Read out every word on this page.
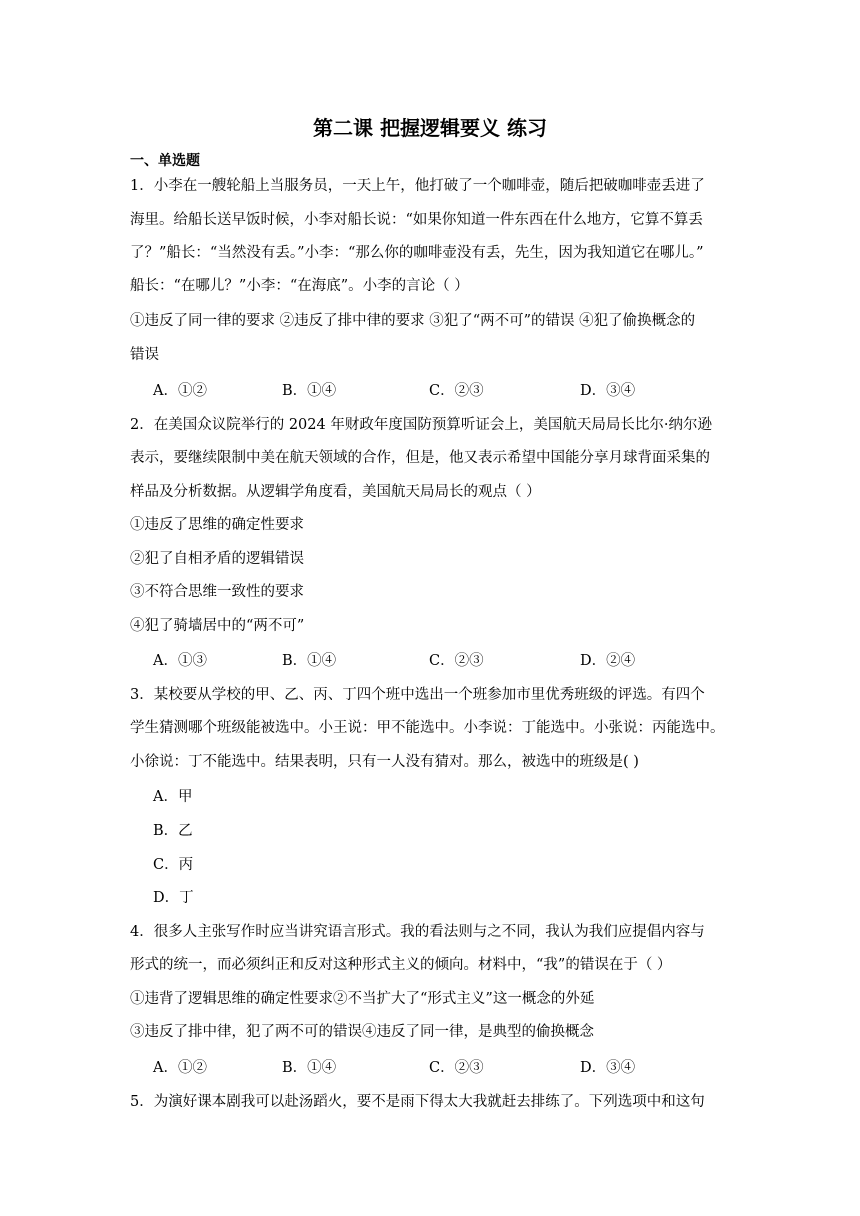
第二课 把握逻辑要义 练习
一、单选题
1．小李在一艘轮船上当服务员，一天上午，他打破了一个咖啡壶，随后把破咖啡壶丢进了
海里。给船长送早饭时候，小李对船长说：“如果你知道一件东西在什么地方，它算不算丢
了？”船长：“当然没有丢。”小李：“那么你的咖啡壶没有丢，先生，因为我知道它在哪儿。”
船长：“在哪儿？”小李：“在海底”。小李的言论（ ）
①违反了同一律的要求 ②违反了排中律的要求 ③犯了“两不可”的错误 ④犯了偷换概念的
错误
A．①②	B．①④	C．②③	D．③④
2．在美国众议院举行的 2024 年财政年度国防预算听证会上，美国航天局局长比尔·纳尔逊
表示，要继续限制中美在航天领域的合作，但是，他又表示希望中国能分享月球背面采集的
样品及分析数据。从逻辑学角度看，美国航天局局长的观点（ ）
①违反了思维的确定性要求
②犯了自相矛盾的逻辑错误
③不符合思维一致性的要求
④犯了骑墙居中的“两不可”
A．①③	B．①④	C．②③	D．②④
3．某校要从学校的甲、乙、丙、丁四个班中选出一个班参加市里优秀班级的评选。有四个
学生猜测哪个班级能被选中。小王说：甲不能选中。小李说：丁能选中。小张说：丙能选中。
小徐说：丁不能选中。结果表明，只有一人没有猜对。那么，被选中的班级是( )
A．甲
B．乙
C．丙
D．丁
4．很多人主张写作时应当讲究语言形式。我的看法则与之不同，我认为我们应提倡内容与
形式的统一，而必须纠正和反对这种形式主义的倾向。材料中，“我”的错误在于（ ）
①违背了逻辑思维的确定性要求②不当扩大了“形式主义”这一概念的外延
③违反了排中律，犯了两不可的错误④违反了同一律，是典型的偷换概念
A．①②	B．①④	C．②③	D．③④
5．为演好课本剧我可以赴汤蹈火，要不是雨下得太大我就赶去排练了。下列选项中和这句
